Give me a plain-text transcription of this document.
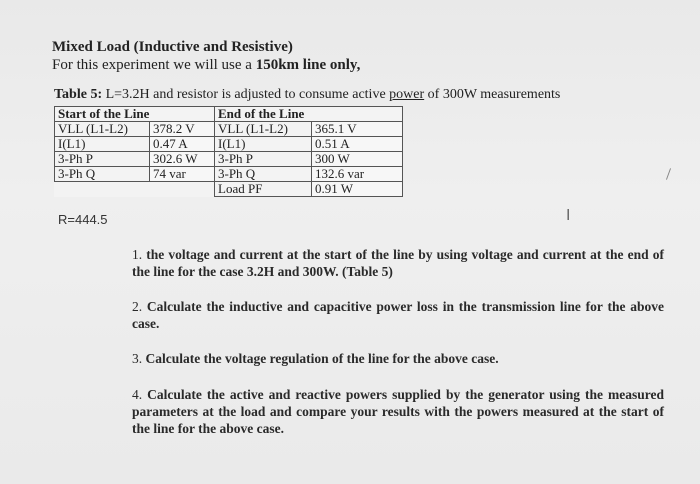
Mixed Load (Inductive and Resistive)
For this experiment we will use a 150km line only,
Table 5: L=3.2H and resistor is adjusted to consume active power of 300W measurements
Start of the Line		End of the Line	
VLL (L1-L2)	378.2 V	VLL (L1-L2)	365.1 V
I(L1)	0.47 A	I(L1)	0.51 A
3-Ph P	302.6 W	3-Ph P	300 W
3-Ph Q	74 var	3-Ph Q	132.6 var
		Load PF	0.91 W
R=444.5	I

1. the voltage and current at the start of the line by using voltage and current at the end of the line for the case 3.2H and 300W. (Table 5)

2. Calculate the inductive and capacitive power loss in the transmission line for the above case.

3. Calculate the voltage regulation of the line for the above case.

4. Calculate the active and reactive powers supplied by the generator using the measured parameters at the load and compare your results with the powers measured at the start of the line for the above case.
